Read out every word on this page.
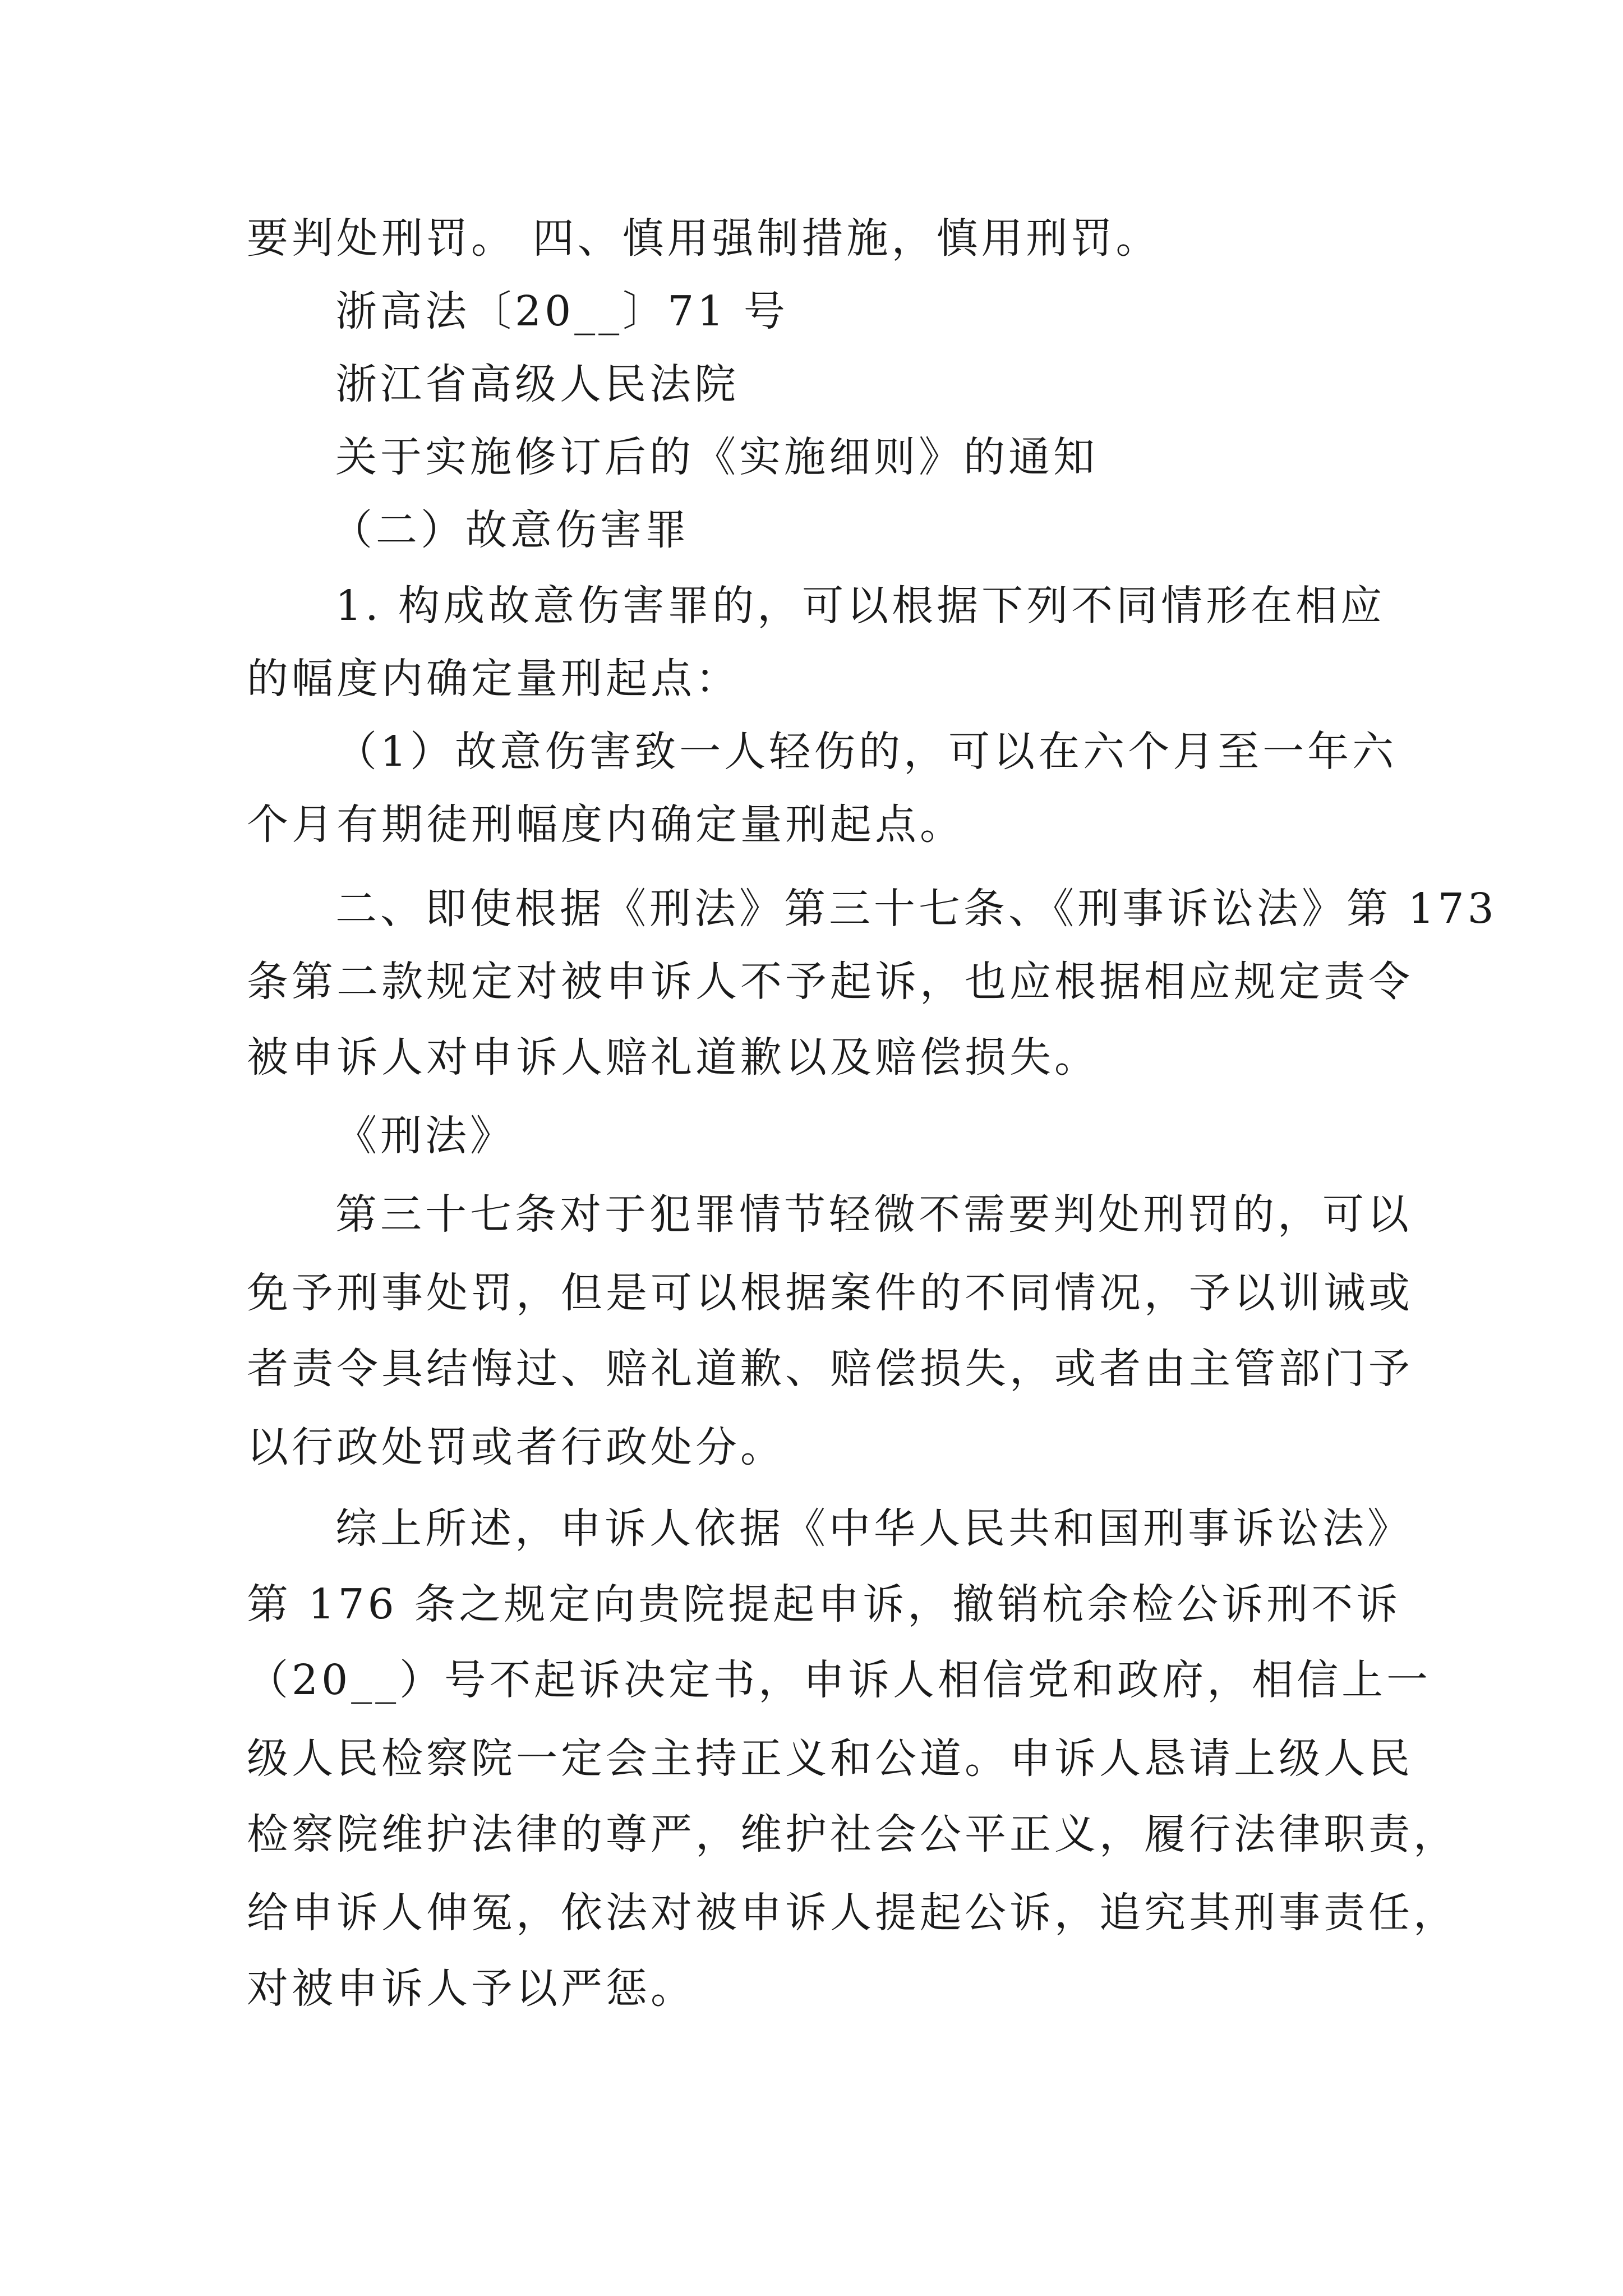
要判处刑罚。 四、慎用强制措施，慎用刑罚。
浙高法〔20__〕71 号
浙江省高级人民法院
关于实施修订后的《实施细则》的通知
（二）故意伤害罪
1. 构成故意伤害罪的，可以根据下列不同情形在相应
的幅度内确定量刑起点：
（1）故意伤害致一人轻伤的，可以在六个月至一年六
个月有期徒刑幅度内确定量刑起点。
二、即使根据《刑法》第三十七条、《刑事诉讼法》第 173
条第二款规定对被申诉人不予起诉，也应根据相应规定责令
被申诉人对申诉人赔礼道歉以及赔偿损失。
《刑法》
第三十七条对于犯罪情节轻微不需要判处刑罚的，可以
免予刑事处罚，但是可以根据案件的不同情况，予以训诫或
者责令具结悔过、赔礼道歉、赔偿损失，或者由主管部门予
以行政处罚或者行政处分。
综上所述，申诉人依据《中华人民共和国刑事诉讼法》
第 176 条之规定向贵院提起申诉，撤销杭余检公诉刑不诉
（20__）号不起诉决定书，申诉人相信党和政府，相信上一
级人民检察院一定会主持正义和公道。申诉人恳请上级人民
检察院维护法律的尊严，维护社会公平正义，履行法律职责，
给申诉人伸冤，依法对被申诉人提起公诉，追究其刑事责任，
对被申诉人予以严惩。
